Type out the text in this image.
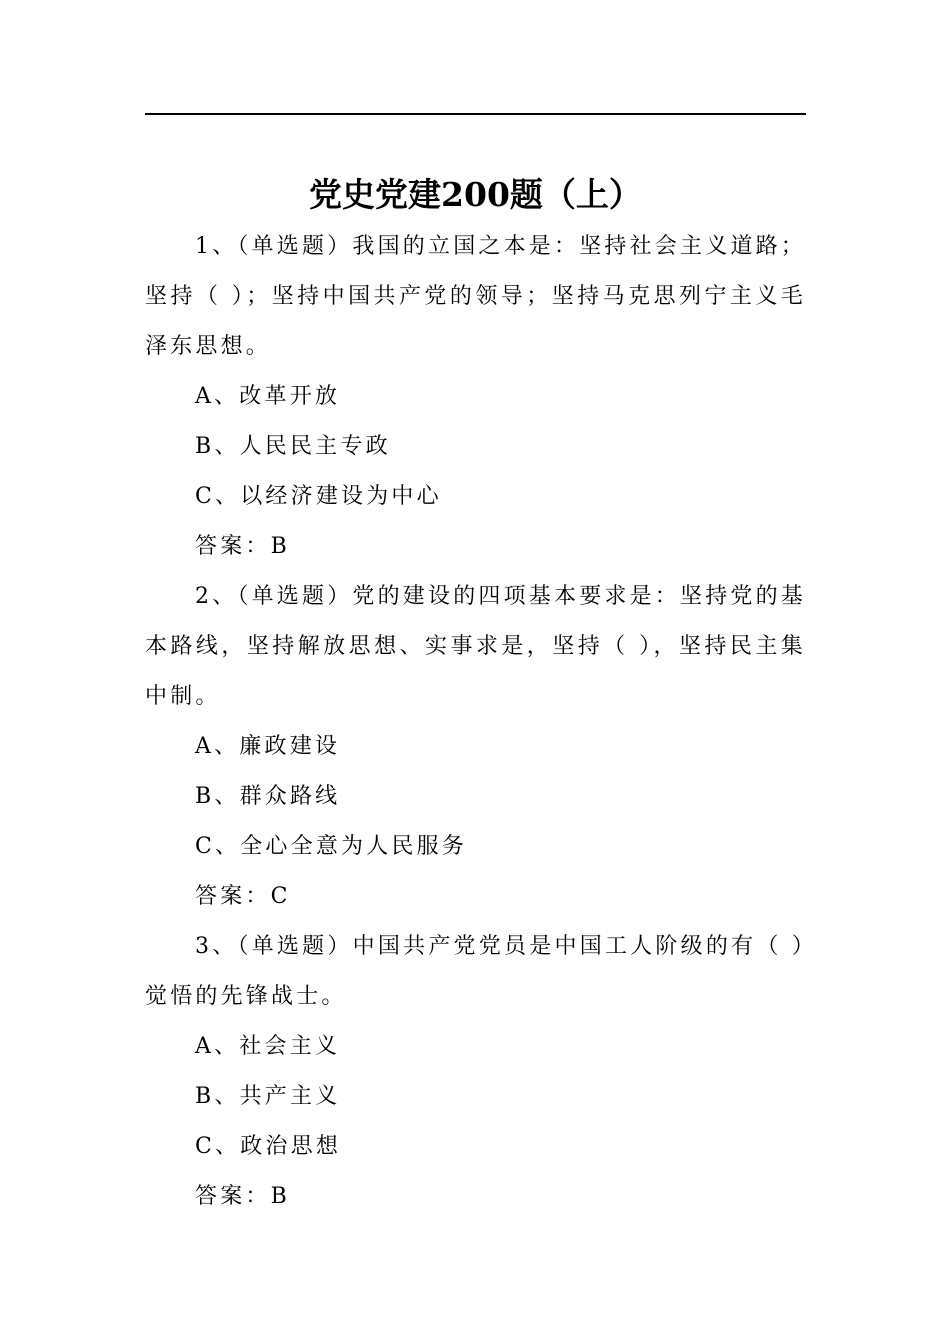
党史党建200题（上）

1、（单选题）我国的立国之本是：坚持社会主义道路；坚持（ ）；坚持中国共产党的领导；坚持马克思列宁主义毛泽东思想。

A、改革开放

B、人民民主专政

C、以经济建设为中心

答案：B

2、（单选题）党的建设的四项基本要求是：坚持党的基本路线，坚持解放思想、实事求是，坚持（ ），坚持民主集中制。

A、廉政建设

B、群众路线

C、全心全意为人民服务

答案：C

3、（单选题）中国共产党党员是中国工人阶级的有（ ）觉悟的先锋战士。

A、社会主义

B、共产主义

C、政治思想

答案：B
